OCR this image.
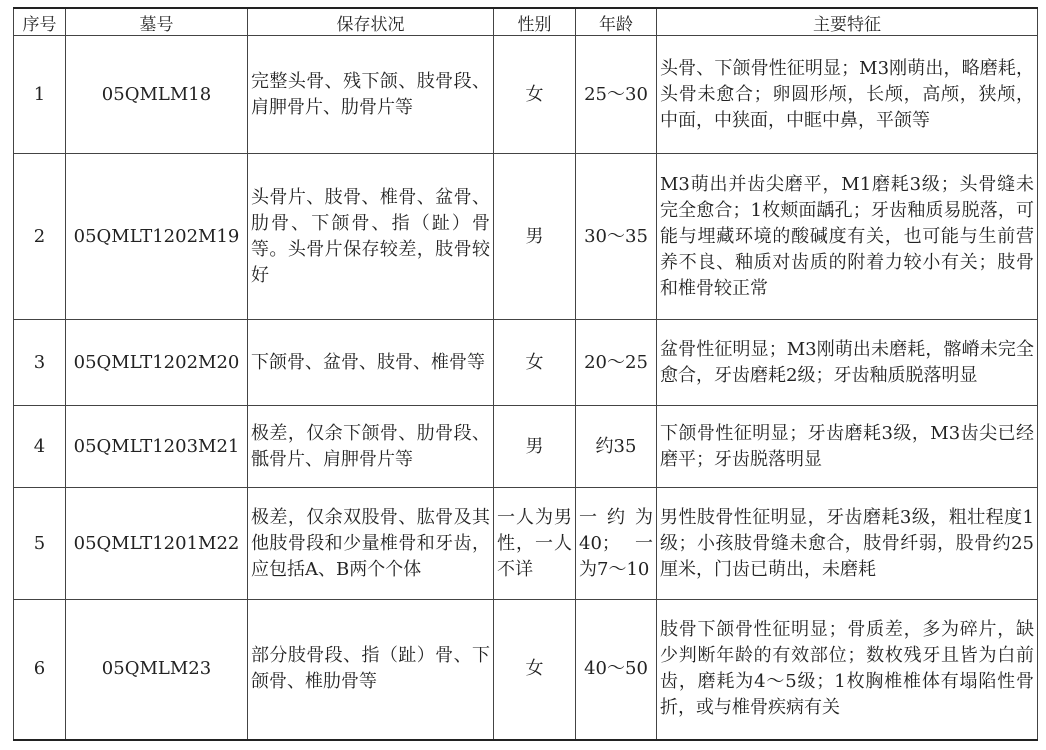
序号	墓号	保存状况	性别	年龄	主要特征
1	05QMLM18	完整头骨、残下颌、肢骨段、肩胛骨片、肋骨片等	女	25～30	头骨、下颌骨性征明显；M3刚萌出，略磨耗，头骨未愈合；卵圆形颅，长颅，高颅，狭颅，中面，中狭面，中眶中鼻，平颌等
2	05QMLT1202M19	头骨片、肢骨、椎骨、盆骨、肋骨、下颌骨、指（趾）骨等。头骨片保存较差，肢骨较好	男	30～35	M3萌出并齿尖磨平，M1磨耗3级；头骨缝未完全愈合；1枚颊面龋孔；牙齿釉质易脱落，可能与埋藏环境的酸碱度有关，也可能与生前营养不良、釉质对齿质的附着力较小有关；肢骨和椎骨较正常
3	05QMLT1202M20	下颌骨、盆骨、肢骨、椎骨等	女	20～25	盆骨性征明显；M3刚萌出未磨耗，髂嵴未完全愈合，牙齿磨耗2级；牙齿釉质脱落明显
4	05QMLT1203M21	极差，仅余下颌骨、肋骨段、骶骨片、肩胛骨片等	男	约35	下颌骨性征明显；牙齿磨耗3级，M3齿尖已经磨平；牙齿脱落明显
5	05QMLT1201M22	极差，仅余双股骨、肱骨及其他肢骨段和少量椎骨和牙齿，应包括A、B两个个体	一人为男性，一人不详	一约为40；一为7～10	男性肢骨性征明显，牙齿磨耗3级，粗壮程度1级；小孩肢骨缝未愈合，肢骨纤弱，股骨约25厘米，门齿已萌出，未磨耗
6	05QMLM23	部分肢骨段、指（趾）骨、下颌骨、椎肋骨等	女	40～50	肢骨下颌骨性征明显；骨质差，多为碎片，缺少判断年龄的有效部位；数枚残牙且皆为白前齿，磨耗为4～5级；1枚胸椎椎体有塌陷性骨折，或与椎骨疾病有关
